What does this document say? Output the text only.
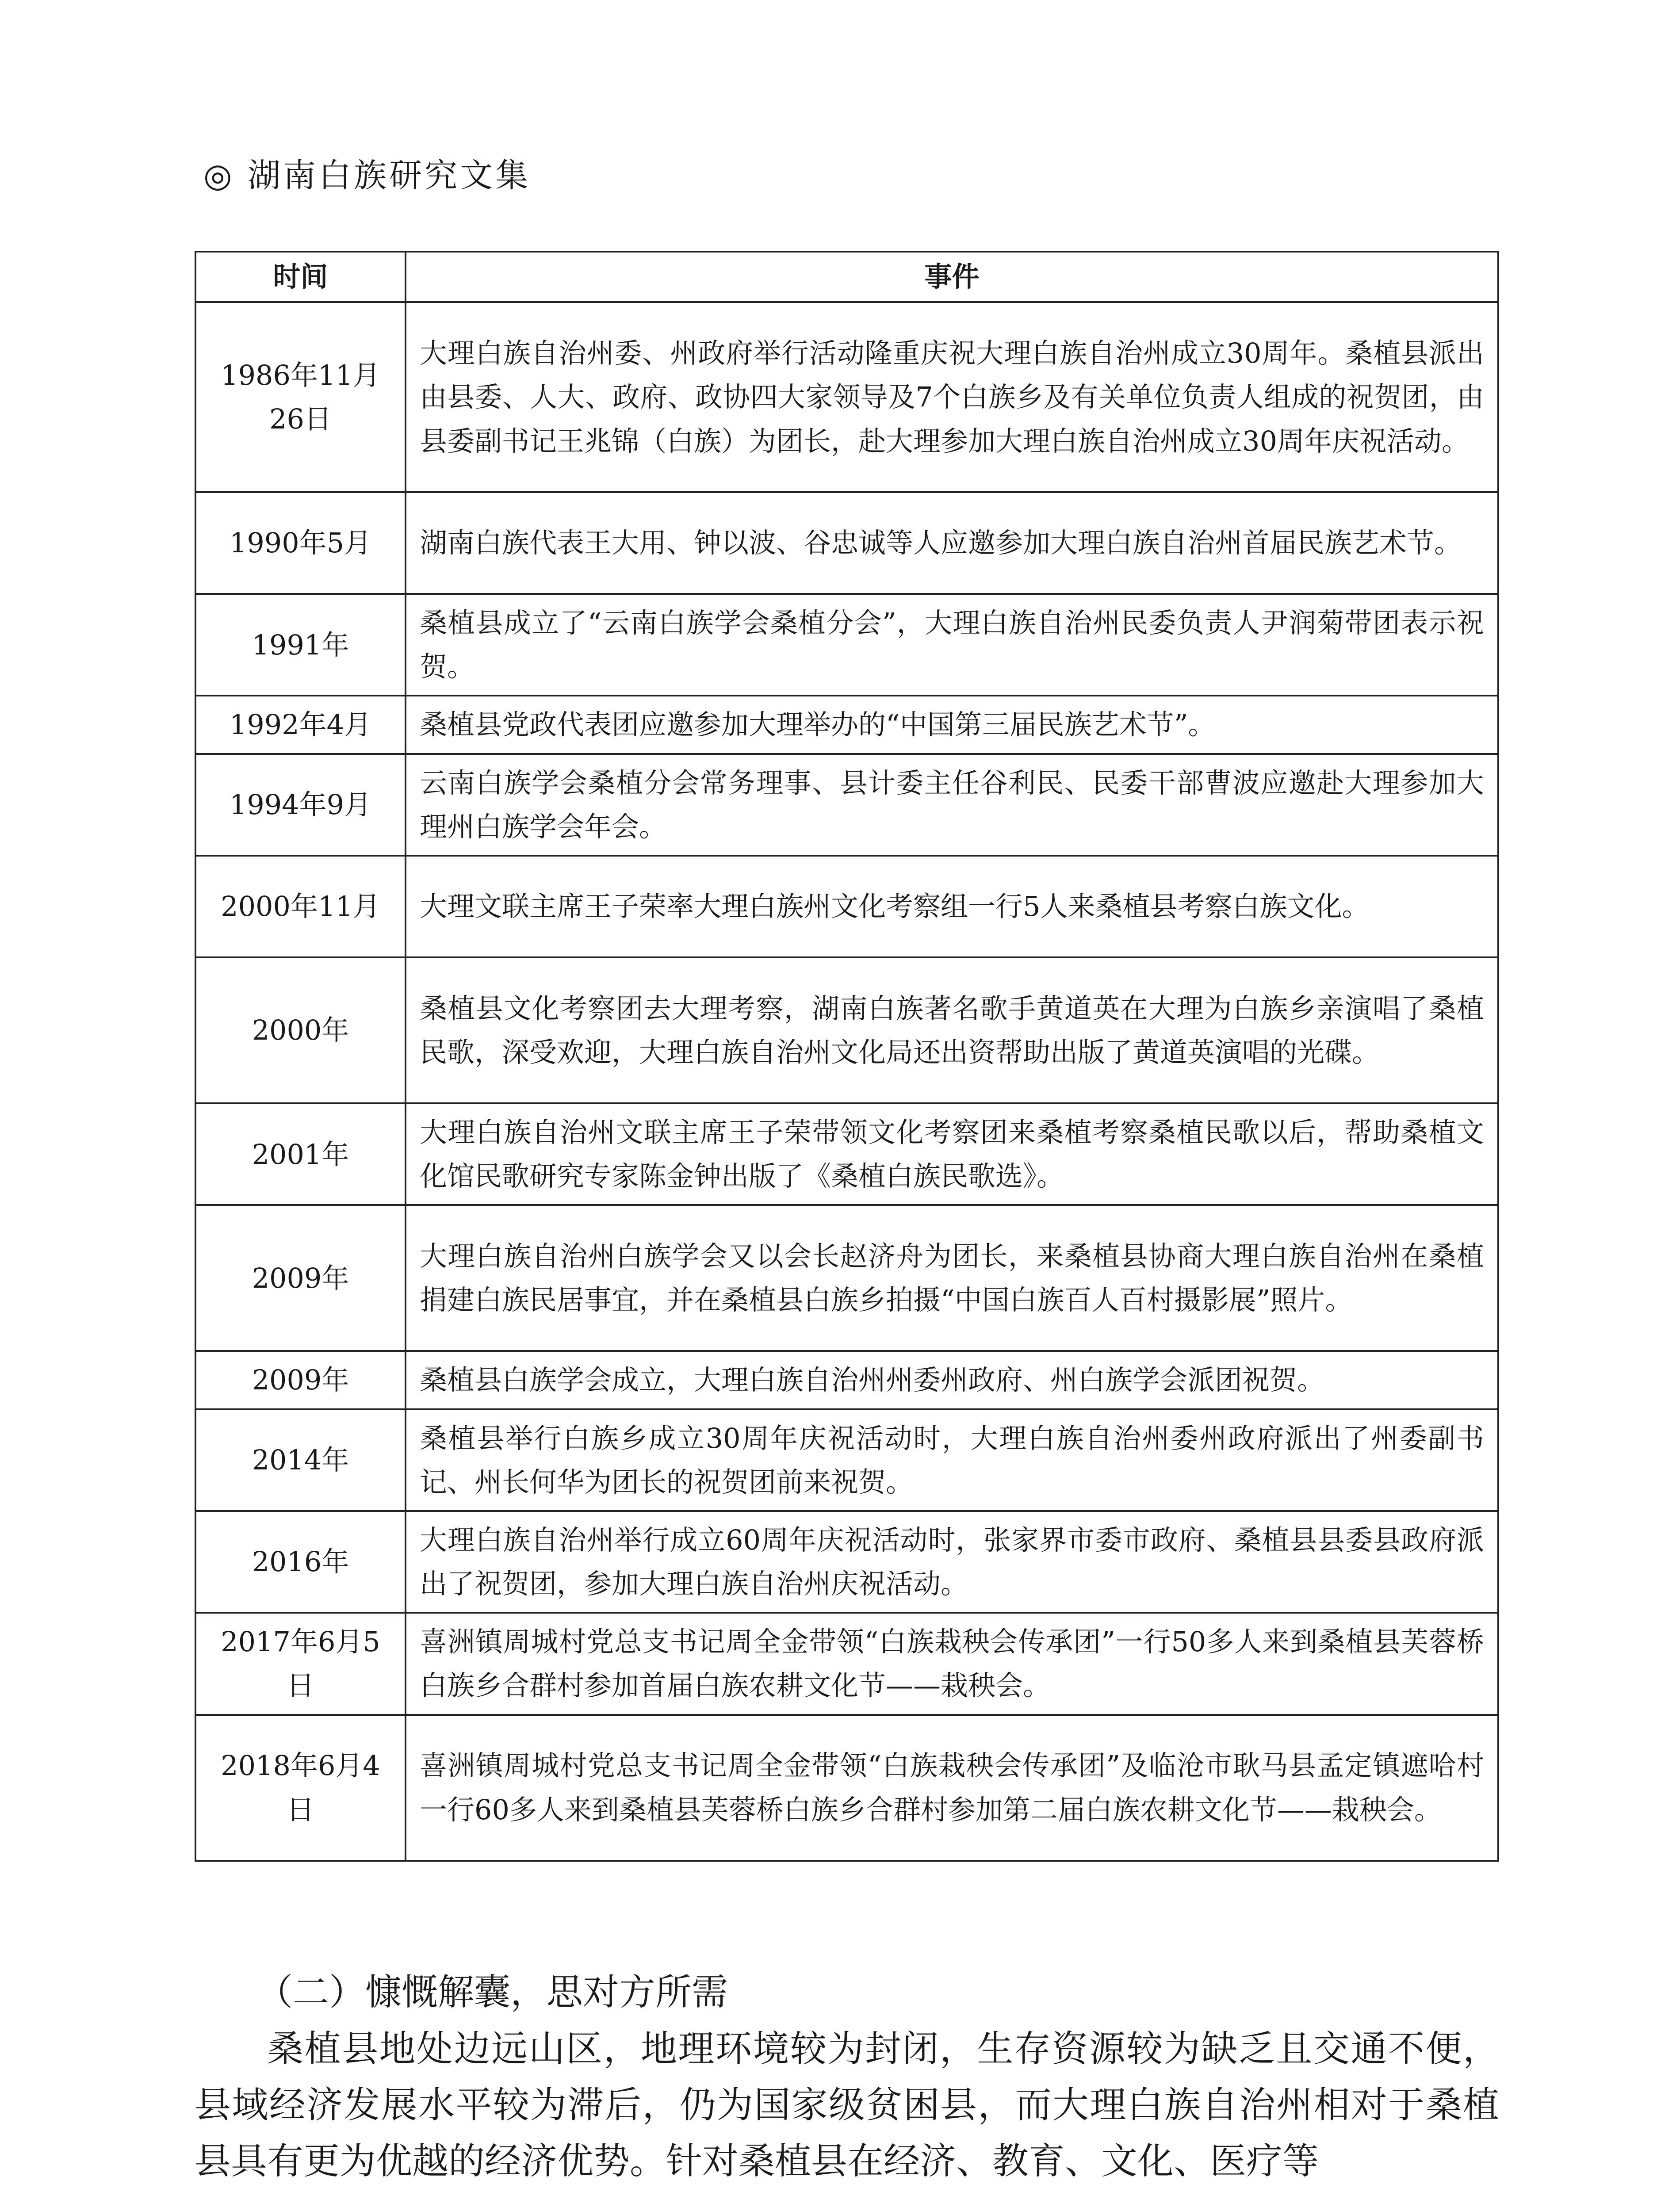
◎ 湖南白族研究文集
时间	事件
1986年11月26日	大理白族自治州委、州政府举行活动隆重庆祝大理白族自治州成立30周年。桑植县派出由县委、人大、政府、政协四大家领导及7个白族乡及有关单位负责人组成的祝贺团，由县委副书记王兆锦（白族）为团长，赴大理参加大理白族自治州成立30周年庆祝活动。
1990年5月	湖南白族代表王大用、钟以波、谷忠诚等人应邀参加大理白族自治州首届民族艺术节。
1991年	桑植县成立了“云南白族学会桑植分会”，大理白族自治州民委负责人尹润菊带团表示祝贺。
1992年4月	桑植县党政代表团应邀参加大理举办的“中国第三届民族艺术节”。
1994年9月	云南白族学会桑植分会常务理事、县计委主任谷利民、民委干部曹波应邀赴大理参加大理州白族学会年会。
2000年11月	大理文联主席王子荣率大理白族州文化考察组一行5人来桑植县考察白族文化。
2000年	桑植县文化考察团去大理考察，湖南白族著名歌手黄道英在大理为白族乡亲演唱了桑植民歌，深受欢迎，大理白族自治州文化局还出资帮助出版了黄道英演唱的光碟。
2001年	大理白族自治州文联主席王子荣带领文化考察团来桑植考察桑植民歌以后，帮助桑植文化馆民歌研究专家陈金钟出版了《桑植白族民歌选》。
2009年	大理白族自治州白族学会又以会长赵济舟为团长，来桑植县协商大理白族自治州在桑植捐建白族民居事宜，并在桑植县白族乡拍摄“中国白族百人百村摄影展”照片。
2009年	桑植县白族学会成立，大理白族自治州州委州政府、州白族学会派团祝贺。
2014年	桑植县举行白族乡成立30周年庆祝活动时，大理白族自治州委州政府派出了州委副书记、州长何华为团长的祝贺团前来祝贺。
2016年	大理白族自治州举行成立60周年庆祝活动时，张家界市委市政府、桑植县县委县政府派出了祝贺团，参加大理白族自治州庆祝活动。
2017年6月5日	喜洲镇周城村党总支书记周全金带领“白族栽秧会传承团”一行50多人来到桑植县芙蓉桥白族乡合群村参加首届白族农耕文化节——栽秧会。
2018年6月4日	喜洲镇周城村党总支书记周全金带领“白族栽秧会传承团”及临沧市耿马县孟定镇遮哈村一行60多人来到桑植县芙蓉桥白族乡合群村参加第二届白族农耕文化节——栽秧会。
（二）慷慨解囊，思对方所需
桑植县地处边远山区，地理环境较为封闭，生存资源较为缺乏且交通不便，县域经济发展水平较为滞后，仍为国家级贫困县，而大理白族自治州相对于桑植县具有更为优越的经济优势。针对桑植县在经济、教育、文化、医疗等
